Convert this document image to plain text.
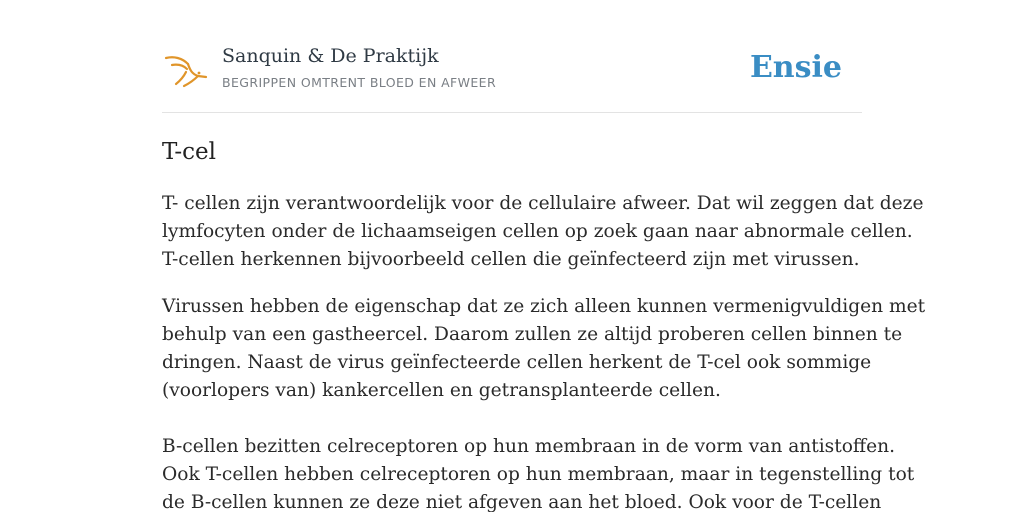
Sanquin & De Praktijk
BEGRIPPEN OMTRENT BLOED EN AFWEER	Ensie
T-cel

T- cellen zijn verantwoordelijk voor de cellulaire afweer. Dat wil zeggen dat deze
lymfocyten onder de lichaamseigen cellen op zoek gaan naar abnormale cellen.
T-cellen herkennen bijvoorbeeld cellen die geïnfecteerd zijn met virussen.

Virussen hebben de eigenschap dat ze zich alleen kunnen vermenigvuldigen met
behulp van een gastheercel. Daarom zullen ze altijd proberen cellen binnen te
dringen. Naast de virus geïnfecteerde cellen herkent de T-cel ook sommige
(voorlopers van) kankercellen en getransplanteerde cellen.

B-cellen bezitten celreceptoren op hun membraan in de vorm van antistoffen.
Ook T-cellen hebben celreceptoren op hun membraan, maar in tegenstelling tot
de B-cellen kunnen ze deze niet afgeven aan het bloed. Ook voor de T-cellen
